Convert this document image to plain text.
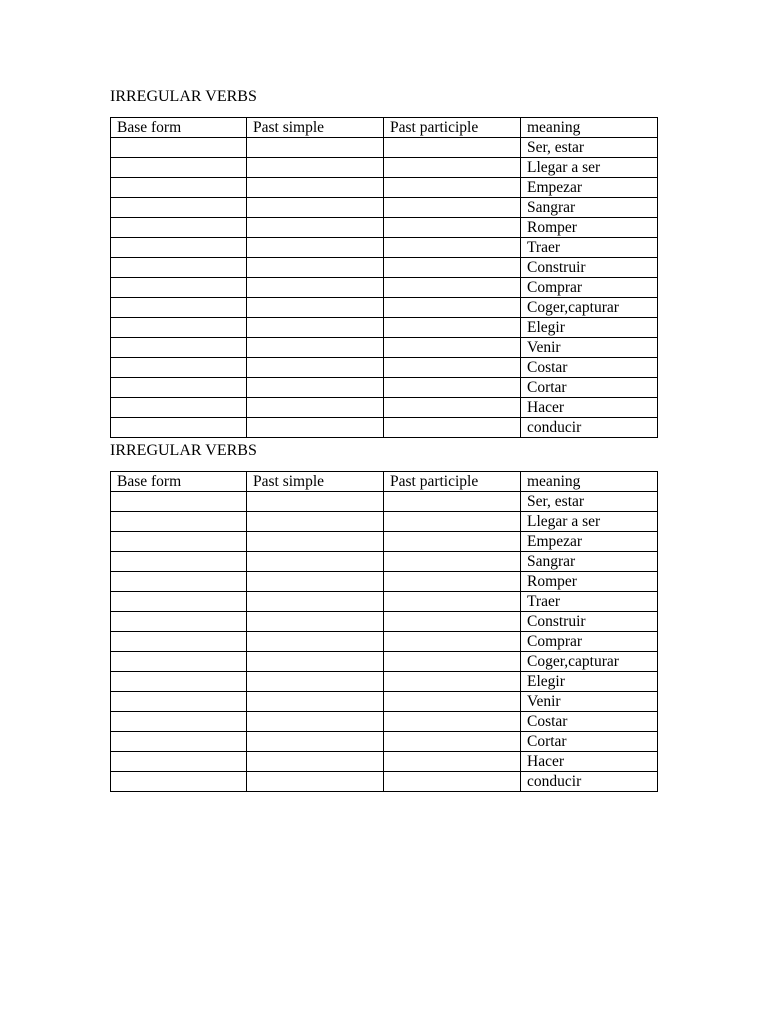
IRREGULAR VERBS
Base form	Past simple	Past participle	meaning
			Ser, estar
			Llegar a ser
			Empezar
			Sangrar
			Romper
			Traer
			Construir
			Comprar
			Coger,capturar
			Elegir
			Venir
			Costar
			Cortar
			Hacer
			conducir
IRREGULAR VERBS
Base form	Past simple	Past participle	meaning
			Ser, estar
			Llegar a ser
			Empezar
			Sangrar
			Romper
			Traer
			Construir
			Comprar
			Coger,capturar
			Elegir
			Venir
			Costar
			Cortar
			Hacer
			conducir
